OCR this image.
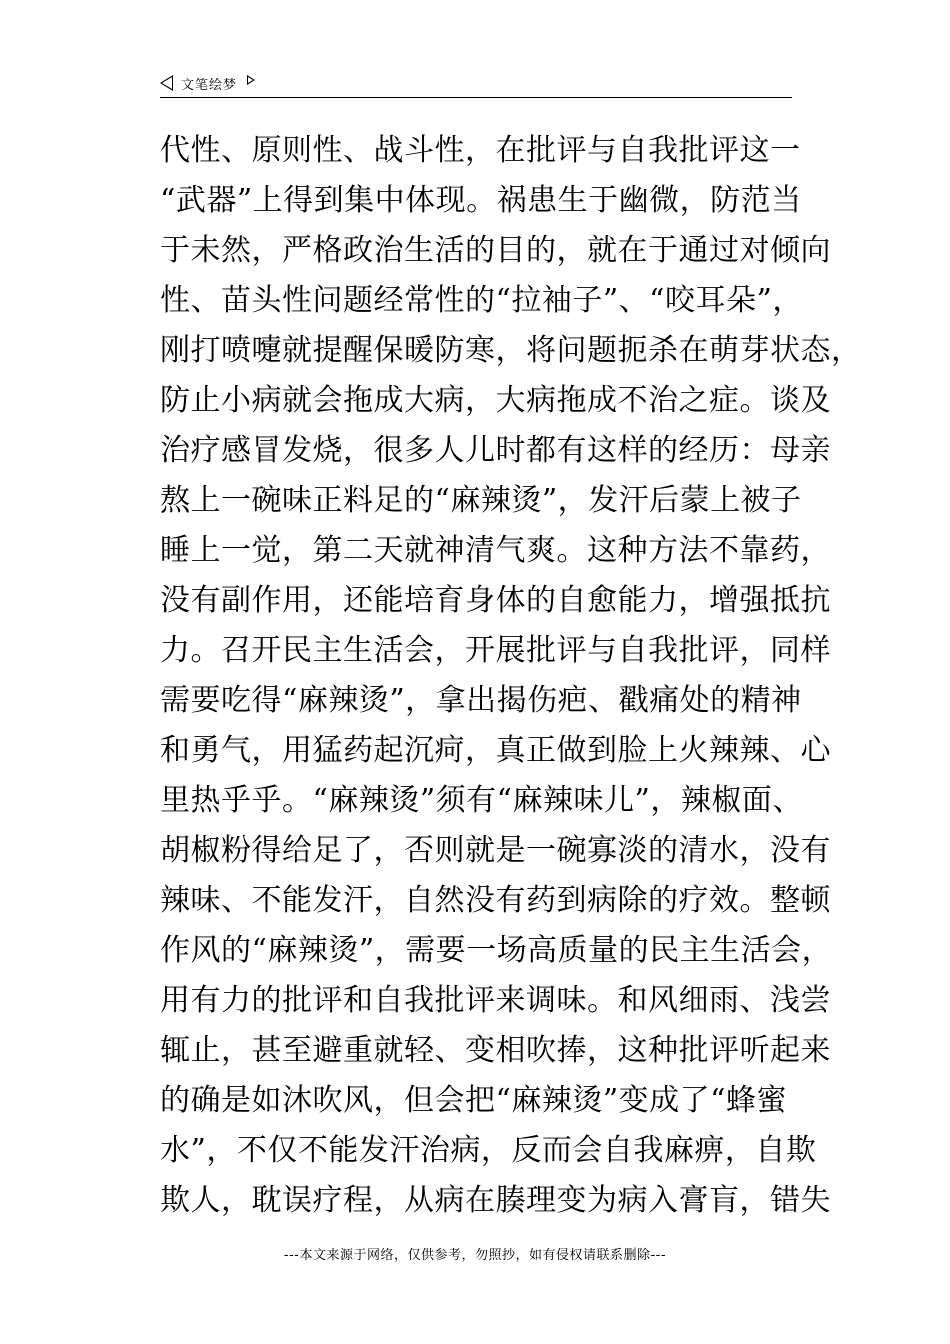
文笔绘梦
代性、原则性、战斗性，在批评与自我批评这一
“武器”上得到集中体现。祸患生于幽微，防范当
于未然，严格政治生活的目的，就在于通过对倾向
性、苗头性问题经常性的“拉袖子”、“咬耳朵”，
刚打喷嚏就提醒保暖防寒，将问题扼杀在萌芽状态，
防止小病就会拖成大病，大病拖成不治之症。谈及
治疗感冒发烧，很多人儿时都有这样的经历：母亲
熬上一碗味正料足的“麻辣烫”，发汗后蒙上被子
睡上一觉，第二天就神清气爽。这种方法不靠药，
没有副作用，还能培育身体的自愈能力，增强抵抗
力。召开民主生活会，开展批评与自我批评，同样
需要吃得“麻辣烫”，拿出揭伤疤、戳痛处的精神
和勇气，用猛药起沉疴，真正做到脸上火辣辣、心
里热乎乎。“麻辣烫”须有“麻辣味儿”，辣椒面、
胡椒粉得给足了，否则就是一碗寡淡的清水，没有
辣味、不能发汗，自然没有药到病除的疗效。整顿
作风的“麻辣烫”，需要一场高质量的民主生活会，
用有力的批评和自我批评来调味。和风细雨、浅尝
辄止，甚至避重就轻、变相吹捧，这种批评听起来
的确是如沐吹风，但会把“麻辣烫”变成了“蜂蜜
水”，不仅不能发汗治病，反而会自我麻痹，自欺
欺人，耽误疗程，从病在腠理变为病入膏肓，错失
---本文来源于网络，仅供参考，勿照抄，如有侵权请联系删除---
